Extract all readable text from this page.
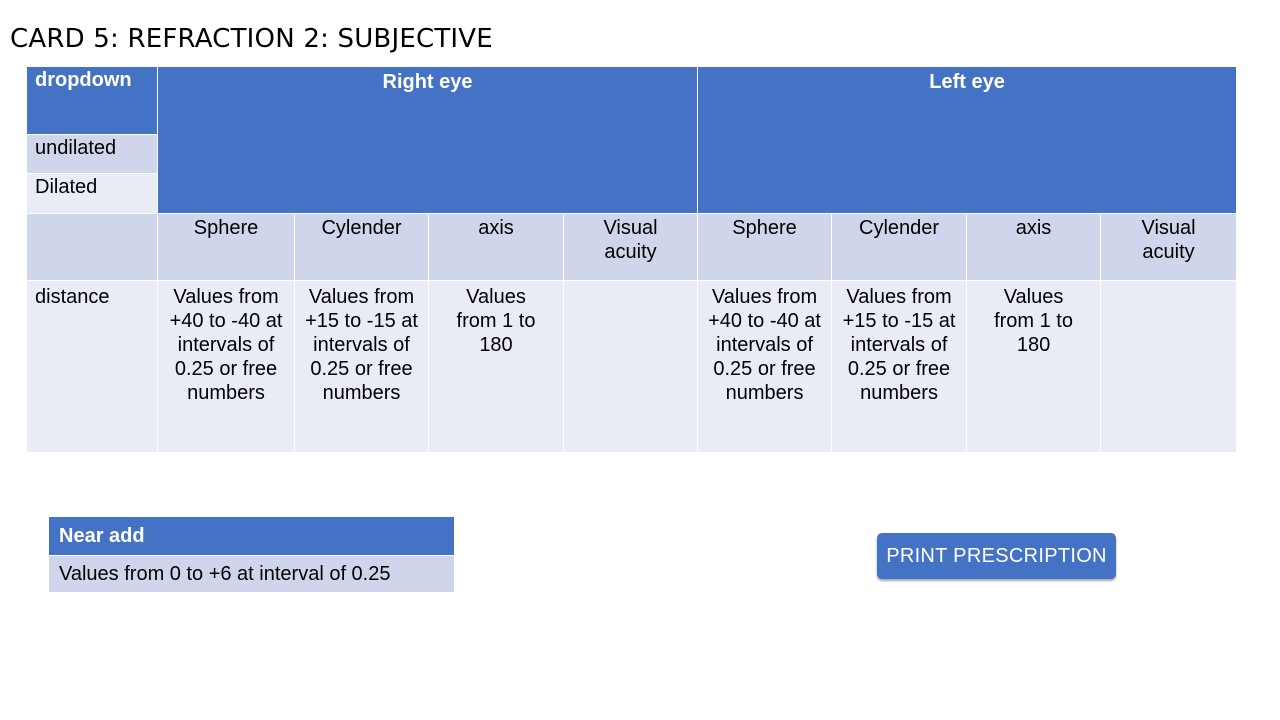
CARD 5: REFRACTION 2: SUBJECTIVE
dropdown	Right eye				Left eye			
undilated								
Dilated								
	Sphere	Cylender	axis	Visual acuity	Sphere	Cylender	axis	Visual acuity
distance	Values from +40 to -40 at intervals of 0.25 or free numbers	Values from +15 to -15 at intervals of 0.25 or free numbers	Values from 1 to 180		Values from +40 to -40 at intervals of 0.25 or free numbers	Values from +15 to -15 at intervals of 0.25 or free numbers	Values from 1 to 180	
Near add
Values from 0 to +6 at interval of 0.25
PRINT PRESCRIPTION
